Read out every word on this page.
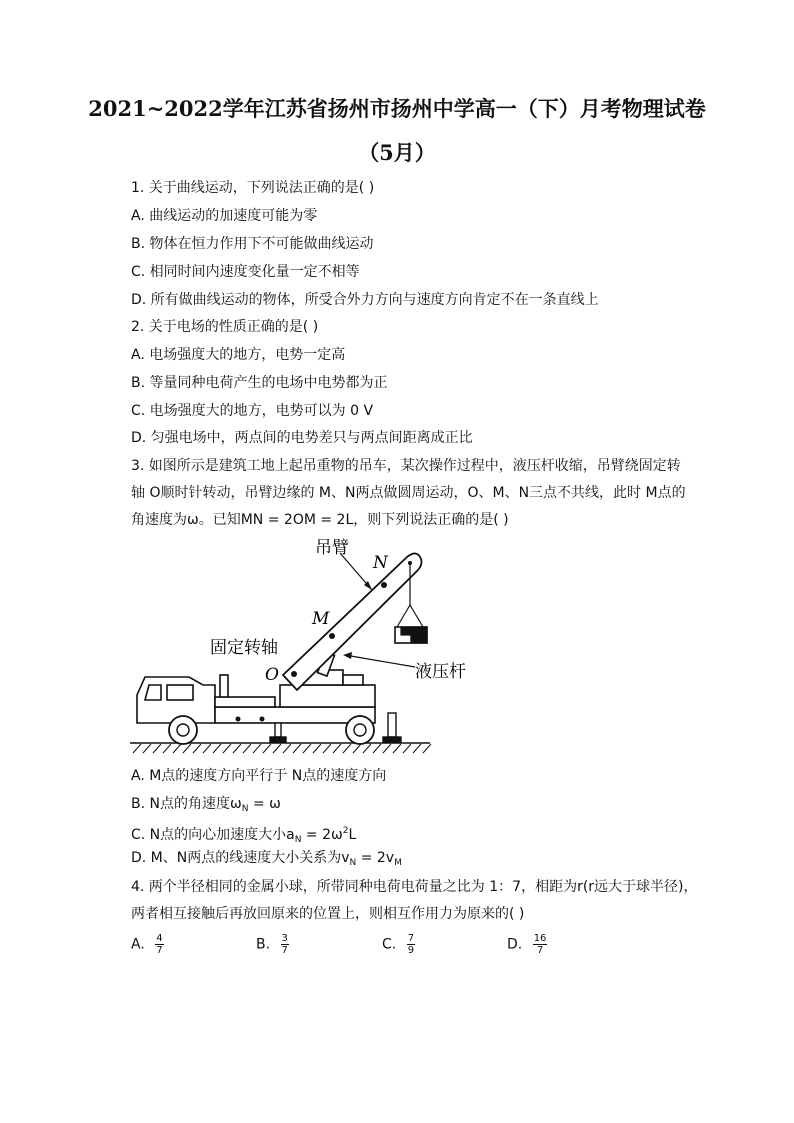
2021~2022学年江苏省扬州市扬州中学高一（下）月考物理试卷
（5月）
1. 关于曲线运动，下列说法正确的是( )
A. 曲线运动的加速度可能为零
B. 物体在恒力作用下不可能做曲线运动
C. 相同时间内速度变化量一定不相等
D. 所有做曲线运动的物体，所受合外力方向与速度方向肯定不在一条直线上
2. 关于电场的性质正确的是( )
A. 电场强度大的地方，电势一定高
B. 等量同种电荷产生的电场中电势都为正
C. 电场强度大的地方，电势可以为 0 V
D. 匀强电场中，两点间的电势差只与两点间距离成正比
3. 如图所示是建筑工地上起吊重物的吊车，某次操作过程中，液压杆收缩，吊臂绕固定转
轴 O顺时针转动，吊臂边缘的 M、N两点做圆周运动，O、M、N三点不共线，此时 M点的
角速度为ω。已知MN = 2OM = 2L，则下列说法正确的是( )
吊臂
N
M
固定转轴
O	液压杆
A. M点的速度方向平行于 N点的速度方向
B. N点的角速度$\omega_N = \omega$
C. N点的向心加速度大小$a_N = 2\omega^2L$
D. M、N两点的线速度大小关系为$v_N = 2v_M$
4. 两个半径相同的金属小球，所带同种电荷电荷量之比为 1：7，相距为r(r远大于球半径)，
两者相互接触后再放回原来的位置上，则相互作用力为原来的( )
A. $\frac{4}{7}$	B. $\frac{3}{7}$	C. $\frac{7}{9}$	D. $\frac{16}{7}$
